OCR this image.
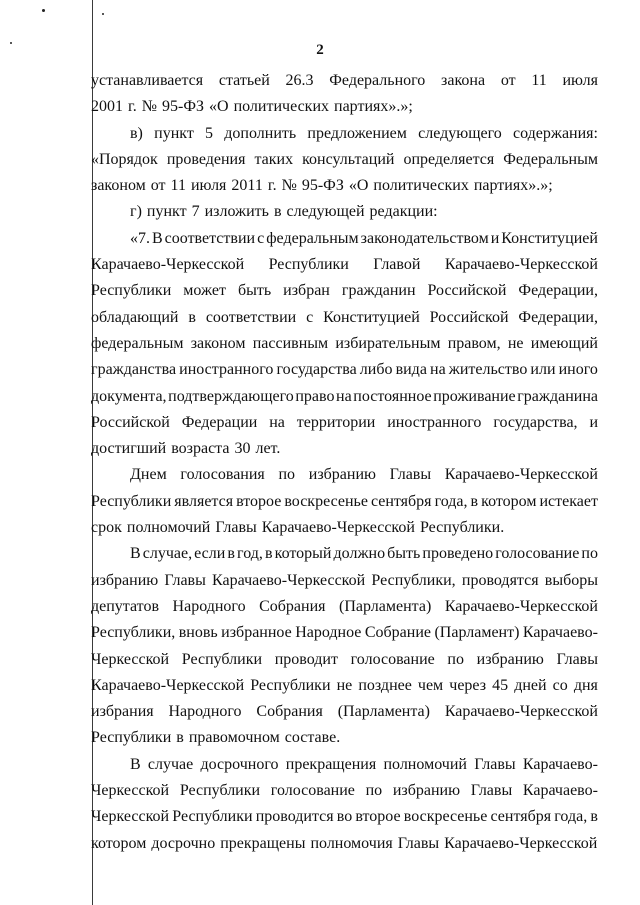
2
устанавливается статьей 26.3 Федерального закона от 11 июля
2001 г. № 95-ФЗ «О политических партиях».»;
в) пункт 5 дополнить предложением следующего содержания:
«Порядок проведения таких консультаций определяется Федеральным
законом от 11 июля 2011 г. № 95-ФЗ «О политических партиях».»;
г) пункт 7 изложить в следующей редакции:
«7. В соответствии с федеральным законодательством и Конституцией
Карачаево-Черкесской Республики Главой Карачаево-Черкесской
Республики может быть избран гражданин Российской Федерации,
обладающий в соответствии с Конституцией Российской Федерации,
федеральным законом пассивным избирательным правом, не имеющий
гражданства иностранного государства либо вида на жительство или иного
документа, подтверждающего право на постоянное проживание гражданина
Российской Федерации на территории иностранного государства, и
достигший возраста 30 лет.
Днем голосования по избранию Главы Карачаево-Черкесской
Республики является второе воскресенье сентября года, в котором истекает
срок полномочий Главы Карачаево-Черкесской Республики.
В случае, если в год, в который должно быть проведено голосование по
избранию Главы Карачаево-Черкесской Республики, проводятся выборы
депутатов Народного Собрания (Парламента) Карачаево-Черкесской
Республики, вновь избранное Народное Собрание (Парламент) Карачаево-
Черкесской Республики проводит голосование по избранию Главы
Карачаево-Черкесской Республики не позднее чем через 45 дней со дня
избрания Народного Собрания (Парламента) Карачаево-Черкесской
Республики в правомочном составе.
В случае досрочного прекращения полномочий Главы Карачаево-
Черкесской Республики голосование по избранию Главы Карачаево-
Черкесской Республики проводится во второе воскресенье сентября года, в
котором досрочно прекращены полномочия Главы Карачаево-Черкесской
